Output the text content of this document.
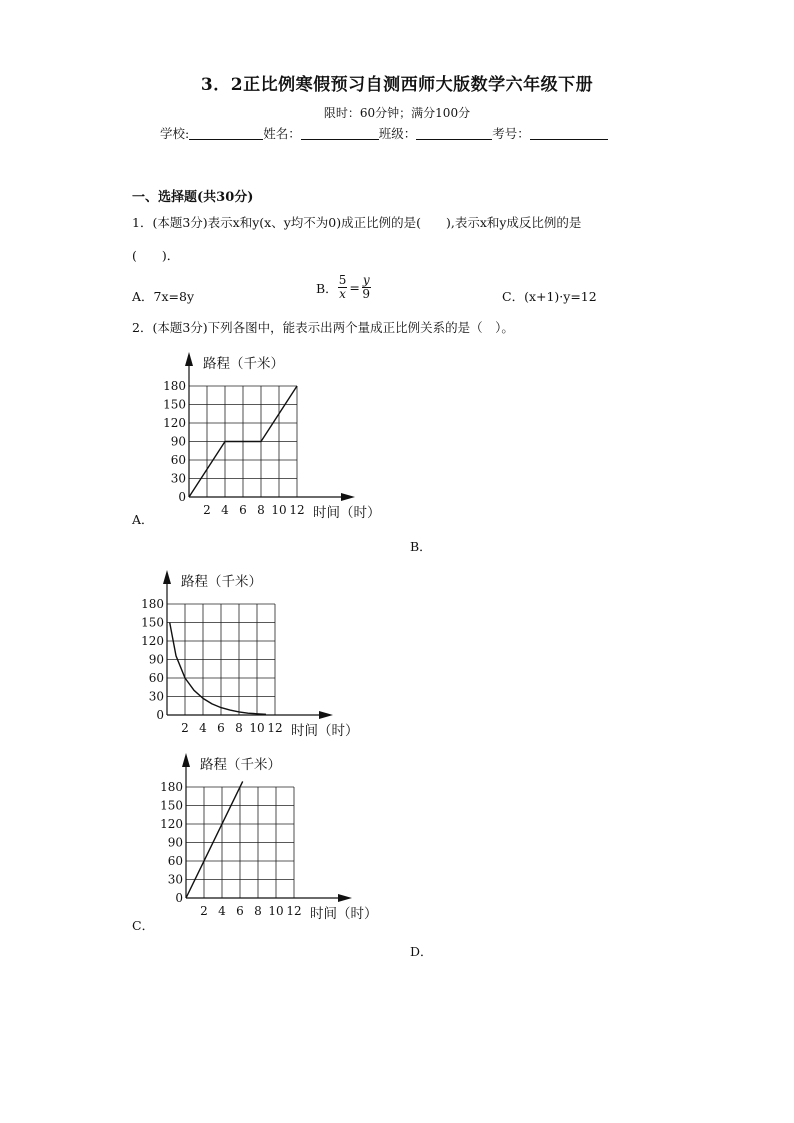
3．2正比例寒假预习自测西师大版数学六年级下册
限时：60分钟；满分100分
学校:	姓名：	班级：	考号：
一、选择题(共30分)
1．(本题3分)表示x和y(x、y均不为0)成正比例的是(　　),表示x和y成反比例的是
(　　)．
A．7x=8y
B． $\frac{5}{x} = \frac{y}{9}$	C．(x+1)·y=12
2．(本题3分)下列各图中，能表示出两个量成正比例关系的是（　）。
0
30
60
90
120
150
180
2 4 6 8 10 12
路程（千米）
时间（时）
A．
B．
0
30
60
90
120
150
180
2 4 6 8 10 12
路程（千米）
时间（时）
0
30
60
90
120
150
180
2 4 6 8 10 12
路程（千米）
时间（时）
C．
D．
